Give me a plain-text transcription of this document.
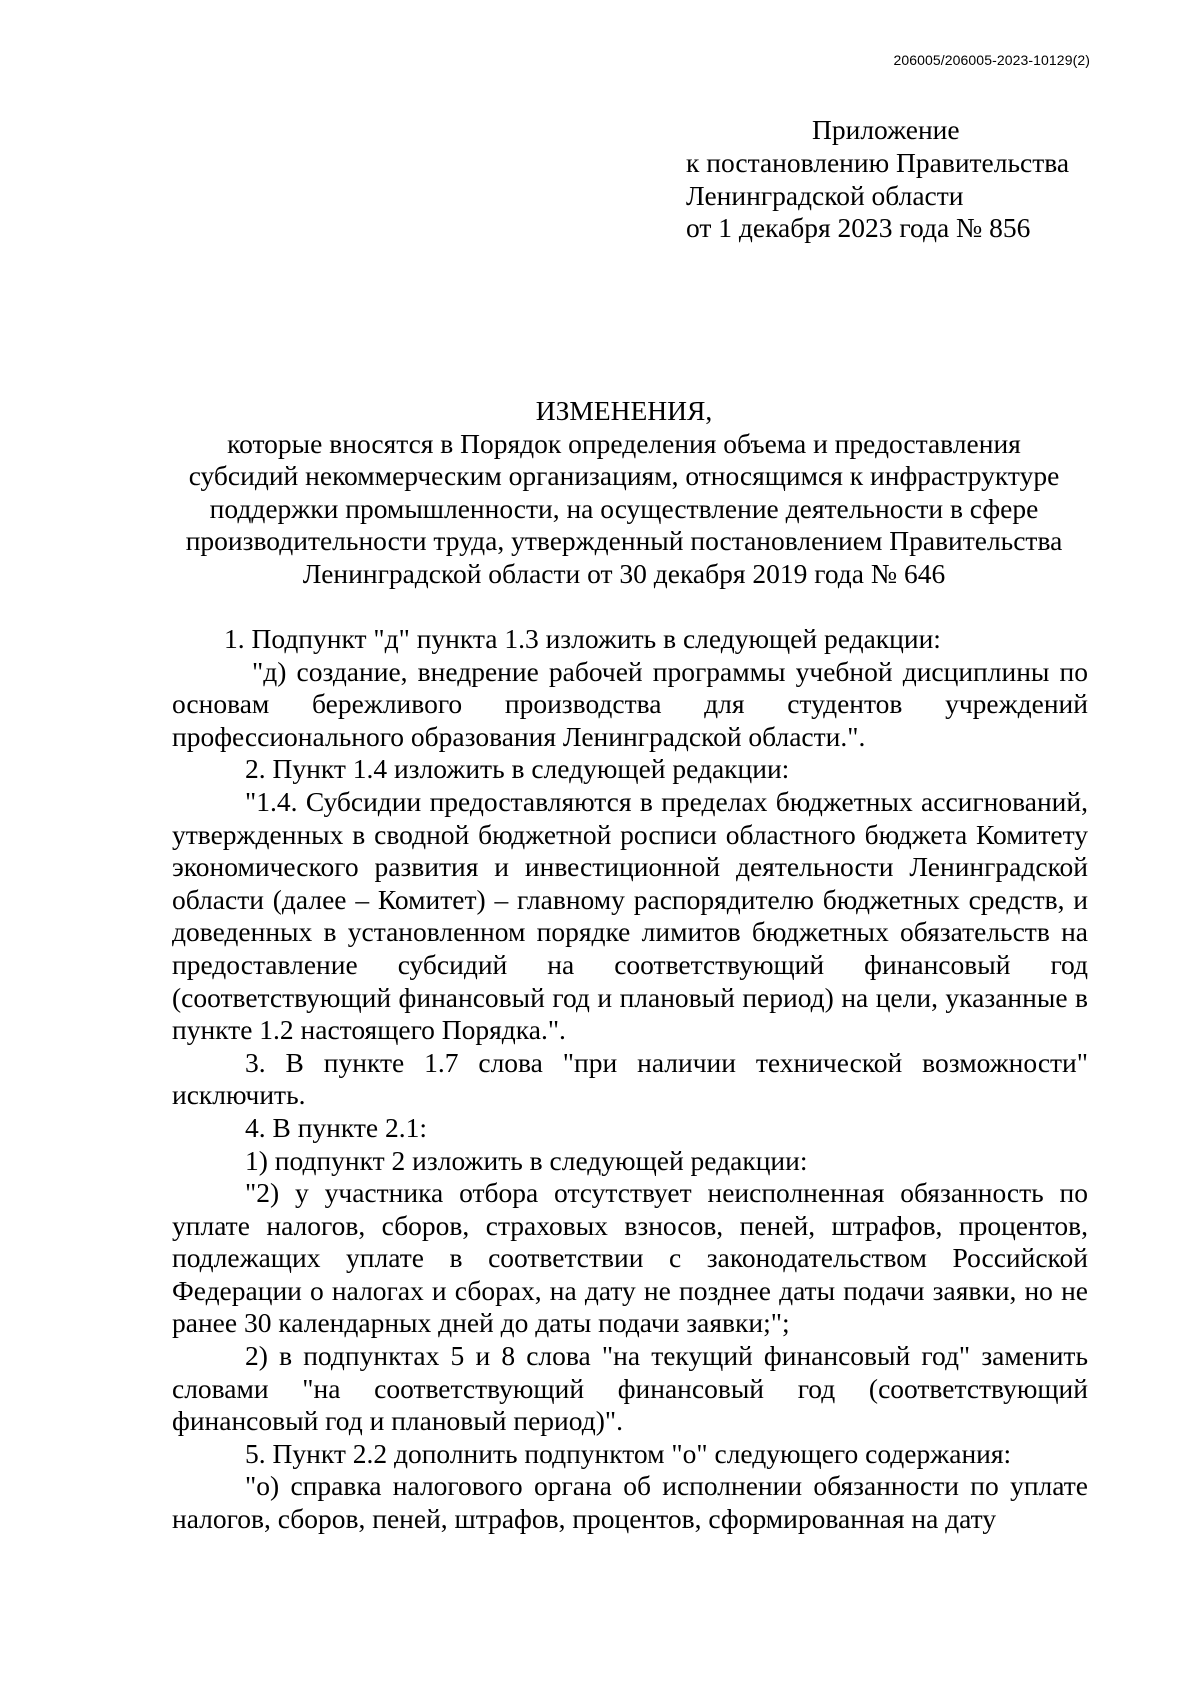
206005/206005-2023-10129(2)
Приложение
к постановлению Правительства
Ленинградской области
от 1 декабря 2023 года № 856
ИЗМЕНЕНИЯ,
которые вносятся в Порядок определения объема и предоставления
субсидий некоммерческим организациям, относящимся к инфраструктуре
поддержки промышленности, на осуществление деятельности в сфере
производительности труда, утвержденный постановлением Правительства
Ленинградской области от 30 декабря 2019 года № 646

1. Подпункт "д" пункта 1.3 изложить в следующей редакции:

"д) создание, внедрение рабочей программы учебной дисциплины по основам бережливого производства для студентов учреждений профессионального образования Ленинградской области.".

2. Пункт 1.4 изложить в следующей редакции:

"1.4. Субсидии предоставляются в пределах бюджетных ассигнований, утвержденных в сводной бюджетной росписи областного бюджета Комитету экономического развития и инвестиционной деятельности Ленинградской области (далее – Комитет) – главному распорядителю бюджетных средств, и доведенных в установленном порядке лимитов бюджетных обязательств на предоставление субсидий на соответствующий финансовый год (соответствующий финансовый год и плановый период) на цели, указанные в пункте 1.2 настоящего Порядка.".

3. В пункте 1.7 слова "при наличии технической возможности" исключить.

4. В пункте 2.1:

1) подпункт 2 изложить в следующей редакции:

"2) у участника отбора отсутствует неисполненная обязанность по уплате налогов, сборов, страховых взносов, пеней, штрафов, процентов, подлежащих уплате в соответствии с законодательством Российской Федерации о налогах и сборах, на дату не позднее даты подачи заявки, но не ранее 30 календарных дней до даты подачи заявки;";

2) в подпунктах 5 и 8 слова "на текущий финансовый год" заменить словами "на соответствующий финансовый год (соответствующий финансовый год и плановый период)".

5. Пункт 2.2 дополнить подпунктом "о" следующего содержания:

"о) справка налогового органа об исполнении обязанности по уплате налогов, сборов, пеней, штрафов, процентов, сформированная на дату
